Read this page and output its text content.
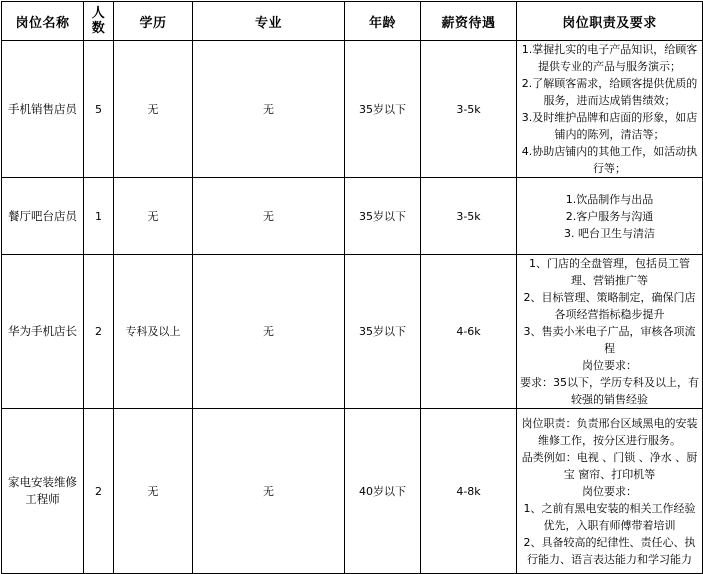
岗位名称	人数	学历	专业	年龄	薪资待遇	岗位职责及要求
手机销售店员	5	无	无	35岁以下	3-5k	1.掌握扎实的电子产品知识，给顾客提供专业的产品与服务演示；
2.了解顾客需求，给顾客提供优质的服务，进而达成销售绩效；
3.及时维护品牌和店面的形象，如店铺内的陈列，清洁等；
4.协助店铺内的其他工作，如活动执行等；

餐厅吧台店员	1	无	无	35岁以下	3-5k	1.饮品制作与出品
2.客户服务与沟通
3. 吧台卫生与清洁

华为手机店长	2	专科及以上	无	35岁以下	4-6k	1、门店的全盘管理，包括员工管理、营销推广等
2、目标管理、策略制定，确保门店各项经营指标稳步提升
3、售卖小米电子广品，审核各项流程
岗位要求：
要求：35以下，学历专科及以上，有较强的销售经验

家电安装维修工程师	2	无	无	40岁以下	4-8k	岗位职责：负责邢台区域黑电的安装维修工作，按分区进行服务。
品类例如：电视 、门锁 、净水 、厨宝 窗帘、打印机等
岗位要求：
1、之前有黑电安装的相关工作经验优先，入职有师傅带着培训
2、具备较高的纪律性、责任心、执行能力、语言表达能力和学习能力
